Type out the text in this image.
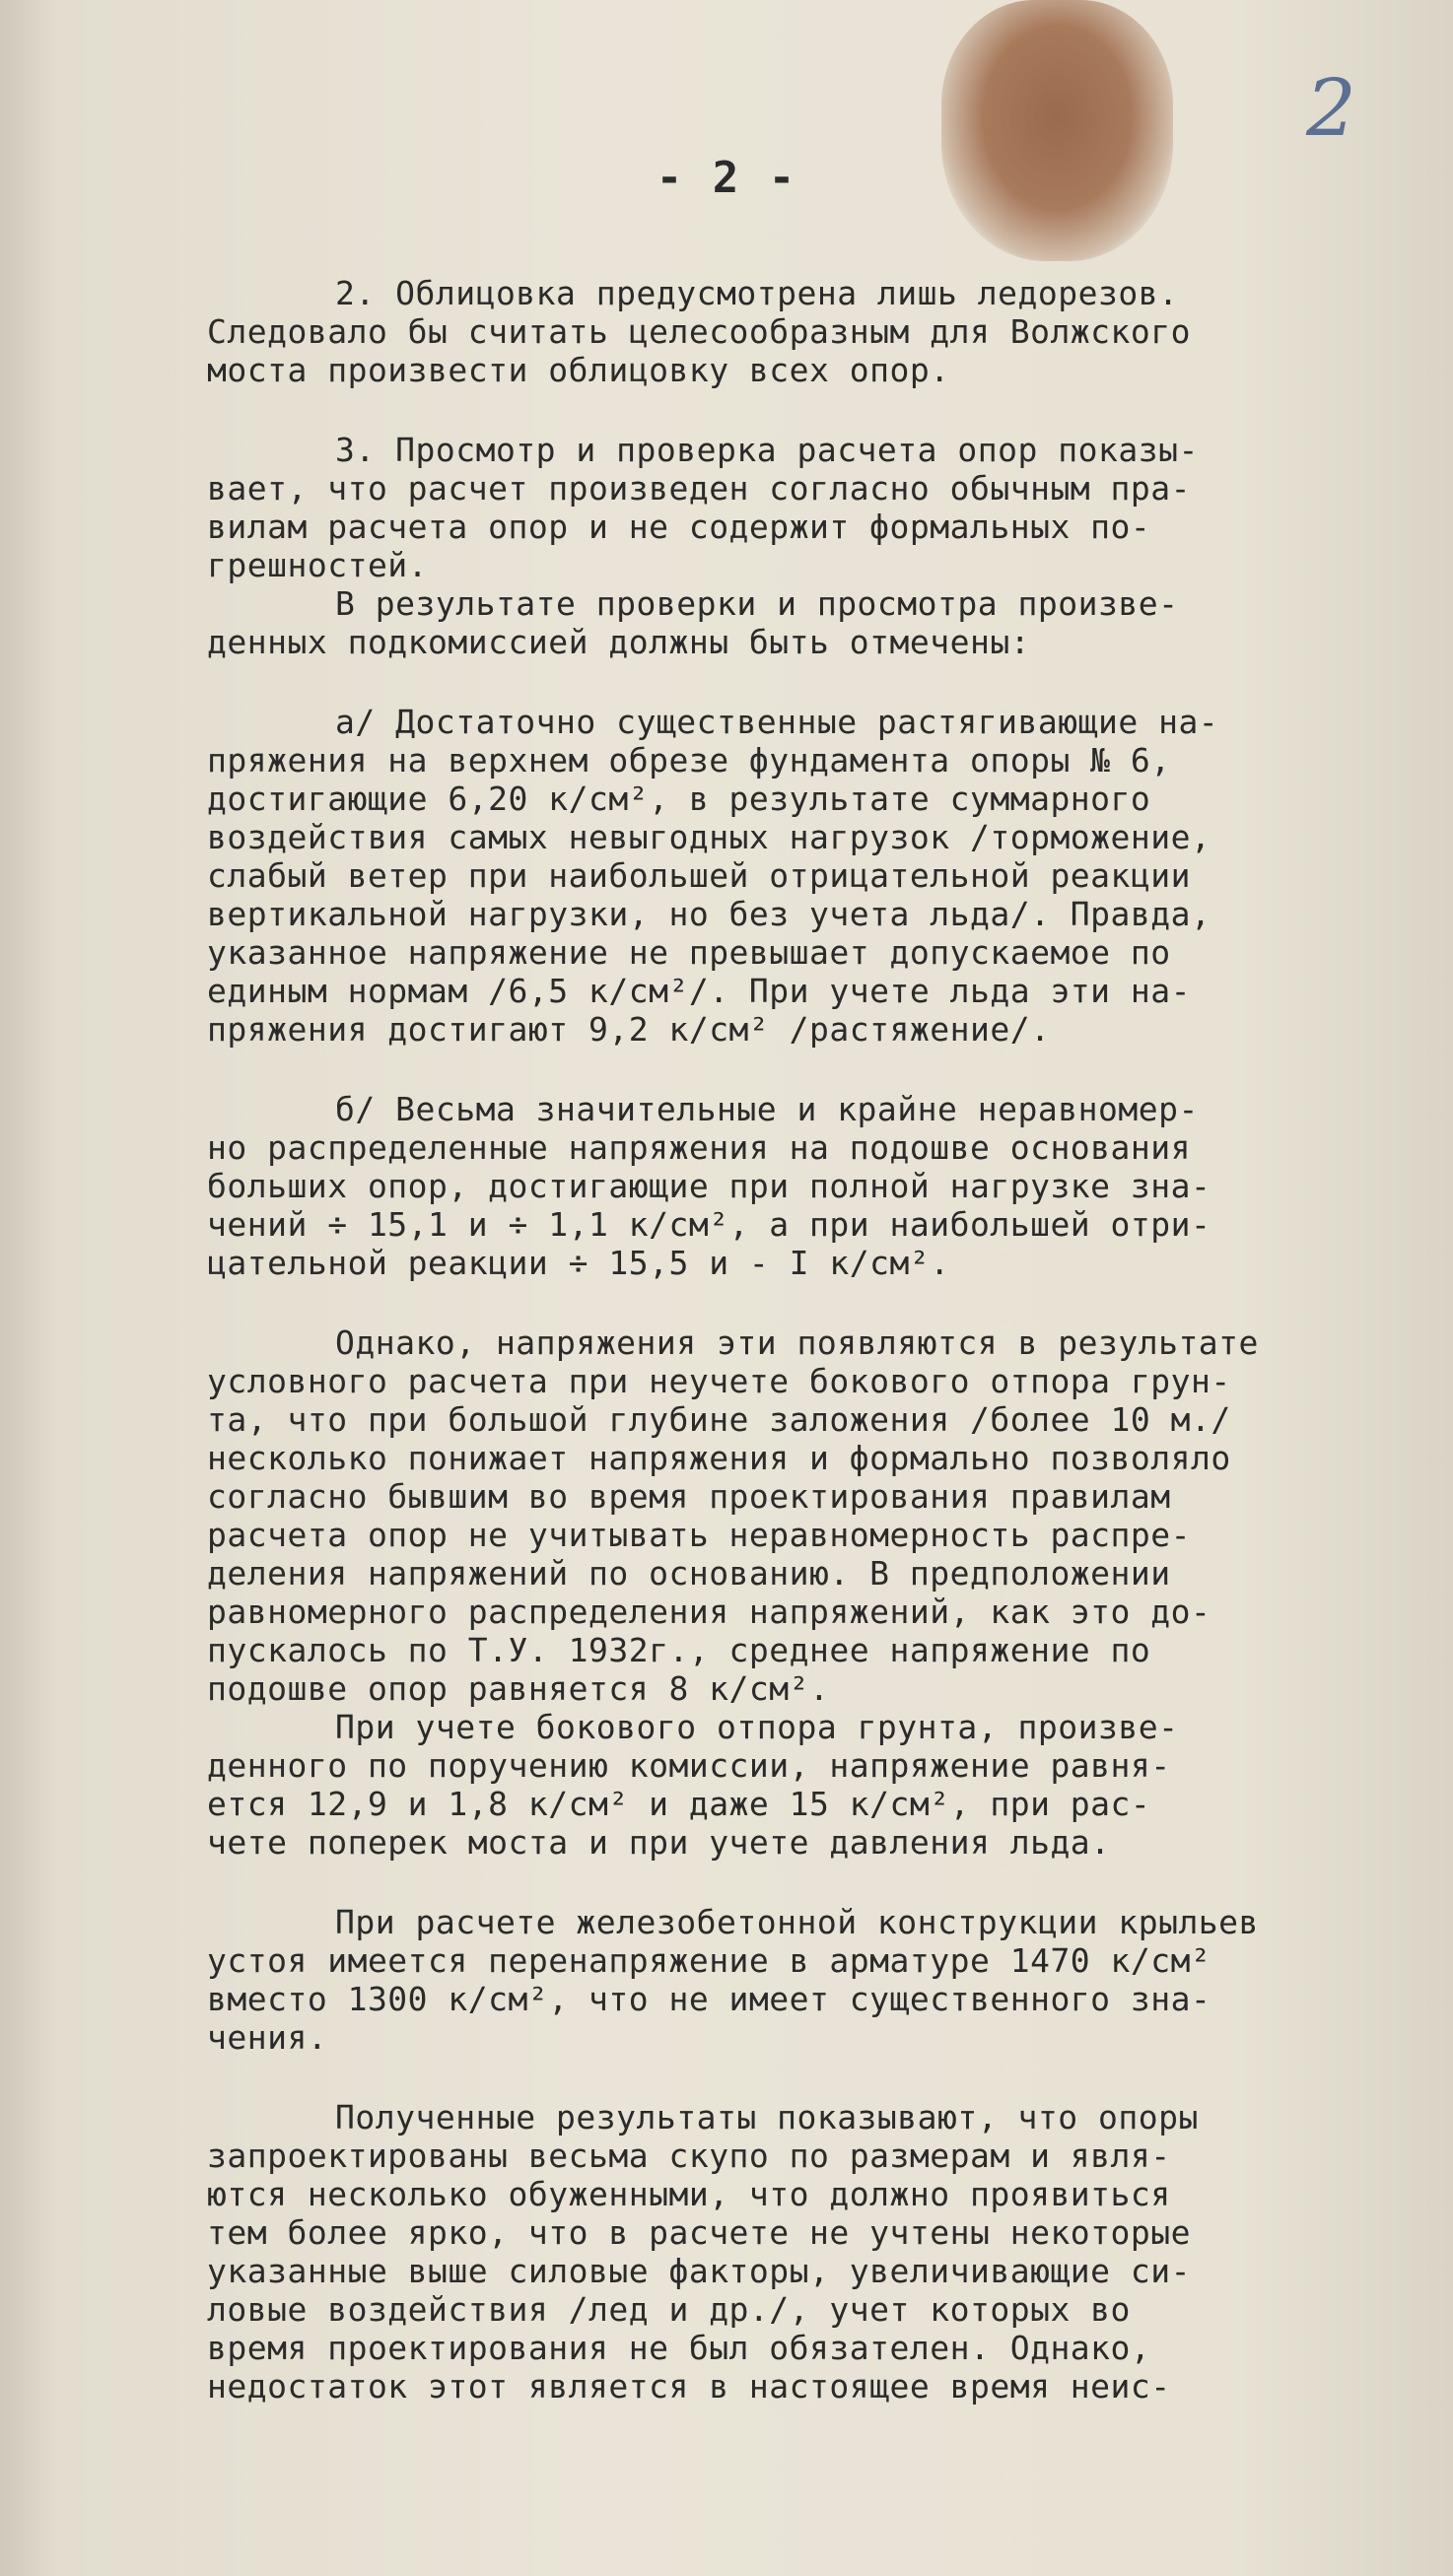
2
- 2 -
2. Облицовка предусмотрена лишь ледорезов.
Следовало бы считать целесообразным для Волжского
моста произвести облицовку всех опор.
3. Просмотр и проверка расчета опор показы-
вает, что расчет произведен согласно обычным пра-
вилам расчета опор и не содержит формальных по-
грешностей.
В результате проверки и просмотра произве-
денных подкомиссией должны быть отмечены:
а/ Достаточно существенные растягивающие на-
пряжения на верхнем обрезе фундамента опоры № 6,
достигающие 6,20 к/см², в результате суммарного
воздействия самых невыгодных нагрузок /торможение,
слабый ветер при наибольшей отрицательной реакции
вертикальной нагрузки, но без учета льда/. Правда,
указанное напряжение не превышает допускаемое по
единым нормам /6,5 к/см²/. При учете льда эти на-
пряжения достигают 9,2 к/см² /растяжение/.
б/ Весьма значительные и крайне неравномер-
но распределенные напряжения на подошве основания
больших опор, достигающие при полной нагрузке зна-
чений ÷ 15,1 и ÷ 1,1 к/см², а при наибольшей отри-
цательной реакции ÷ 15,5 и - I к/см².
Однако, напряжения эти появляются в результате
условного расчета при неучете бокового отпора грун-
та, что при большой глубине заложения /более 10 м./
несколько понижает напряжения и формально позволяло
согласно бывшим во время проектирования правилам
расчета опор не учитывать неравномерность распре-
деления напряжений по основанию. В предположении
равномерного распределения напряжений, как это до-
пускалось по Т.У. 1932г., среднее напряжение по
подошве опор равняется 8 к/см².
При учете бокового отпора грунта, произве-
денного по поручению комиссии, напряжение равня-
ется 12,9 и 1,8 к/см² и даже 15 к/см², при рас-
чете поперек моста и при учете давления льда.
При расчете железобетонной конструкции крыльев
устоя имеется перенапряжение в арматуре 1470 к/см²
вместо 1300 к/см², что не имеет существенного зна-
чения.
Полученные результаты показывают, что опоры
запроектированы весьма скупо по размерам и явля-
ются несколько обуженными, что должно проявиться
тем более ярко, что в расчете не учтены некоторые
указанные выше силовые факторы, увеличивающие си-
ловые воздействия /лед и др./, учет которых во
время проектирования не был обязателен. Однако,
недостаток этот является в настоящее время неис-
